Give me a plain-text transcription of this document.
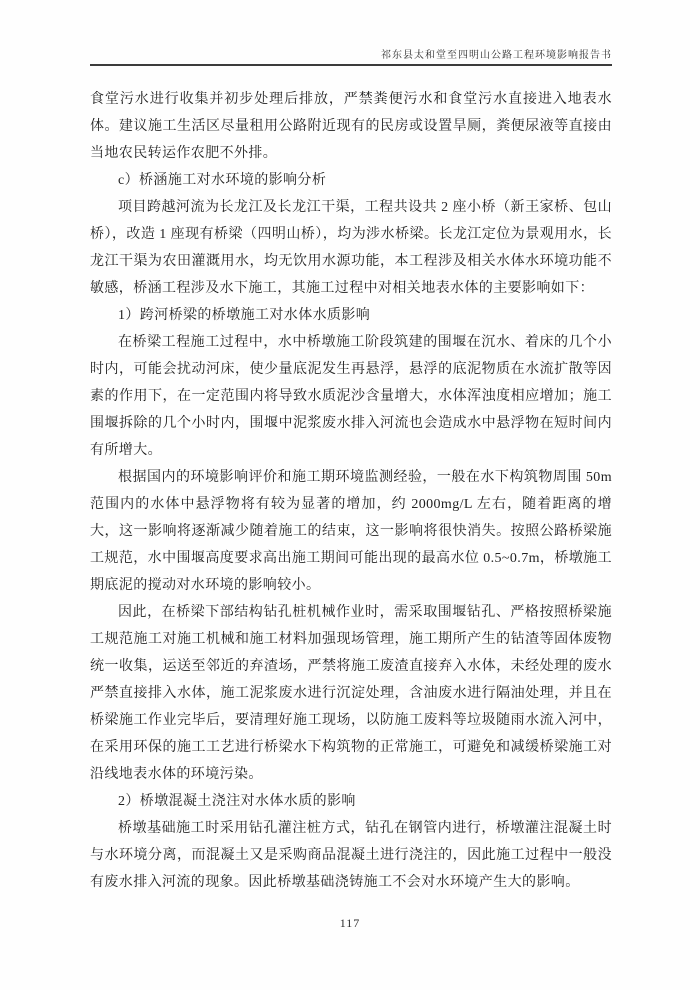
祁东县太和堂至四明山公路工程环境影响报告书

食堂污水进行收集并初步处理后排放，严禁粪便污水和食堂污水直接进入地表水体。建议施工生活区尽量租用公路附近现有的民房或设置旱厕，粪便尿液等直接由当地农民转运作农肥不外排。

c）桥涵施工对水环境的影响分析

项目跨越河流为长龙江及长龙江干渠，工程共设共 2 座小桥（新王家桥、包山桥），改造 1 座现有桥梁（四明山桥），均为涉水桥梁。长龙江定位为景观用水，长龙江干渠为农田灌溉用水，均无饮用水源功能，本工程涉及相关水体水环境功能不敏感，桥涵工程涉及水下施工，其施工过程中对相关地表水体的主要影响如下：

1）跨河桥梁的桥墩施工对水体水质影响

在桥梁工程施工过程中，水中桥墩施工阶段筑建的围堰在沉水、着床的几个小时内，可能会扰动河床，使少量底泥发生再悬浮，悬浮的底泥物质在水流扩散等因素的作用下，在一定范围内将导致水质泥沙含量增大，水体浑浊度相应增加；施工围堰拆除的几个小时内，围堰中泥浆废水排入河流也会造成水中悬浮物在短时间内有所增大。

根据国内的环境影响评价和施工期环境监测经验，一般在水下构筑物周围 50m 范围内的水体中悬浮物将有较为显著的增加，约 2000mg/L 左右，随着距离的增大，这一影响将逐渐减少随着施工的结束，这一影响将很快消失。按照公路桥梁施工规范，水中围堰高度要求高出施工期间可能出现的最高水位 0.5~0.7m，桥墩施工期底泥的搅动对水环境的影响较小。

因此，在桥梁下部结构钻孔桩机械作业时，需采取围堰钻孔、严格按照桥梁施工规范施工对施工机械和施工材料加强现场管理，施工期所产生的钻渣等固体废物统一收集，运送至邻近的弃渣场，严禁将施工废渣直接弃入水体，未经处理的废水严禁直接排入水体，施工泥浆废水进行沉淀处理，含油废水进行隔油处理，并且在桥梁施工作业完毕后，要清理好施工现场，以防施工废料等垃圾随雨水流入河中，在采用环保的施工工艺进行桥梁水下构筑物的正常施工，可避免和减缓桥梁施工对沿线地表水体的环境污染。

2）桥墩混凝土浇注对水体水质的影响

桥墩基础施工时采用钻孔灌注桩方式，钻孔在钢管内进行，桥墩灌注混凝土时与水环境分离，而混凝土又是采购商品混凝土进行浇注的，因此施工过程中一般没有废水排入河流的现象。因此桥墩基础浇铸施工不会对水环境产生大的影响。

117
